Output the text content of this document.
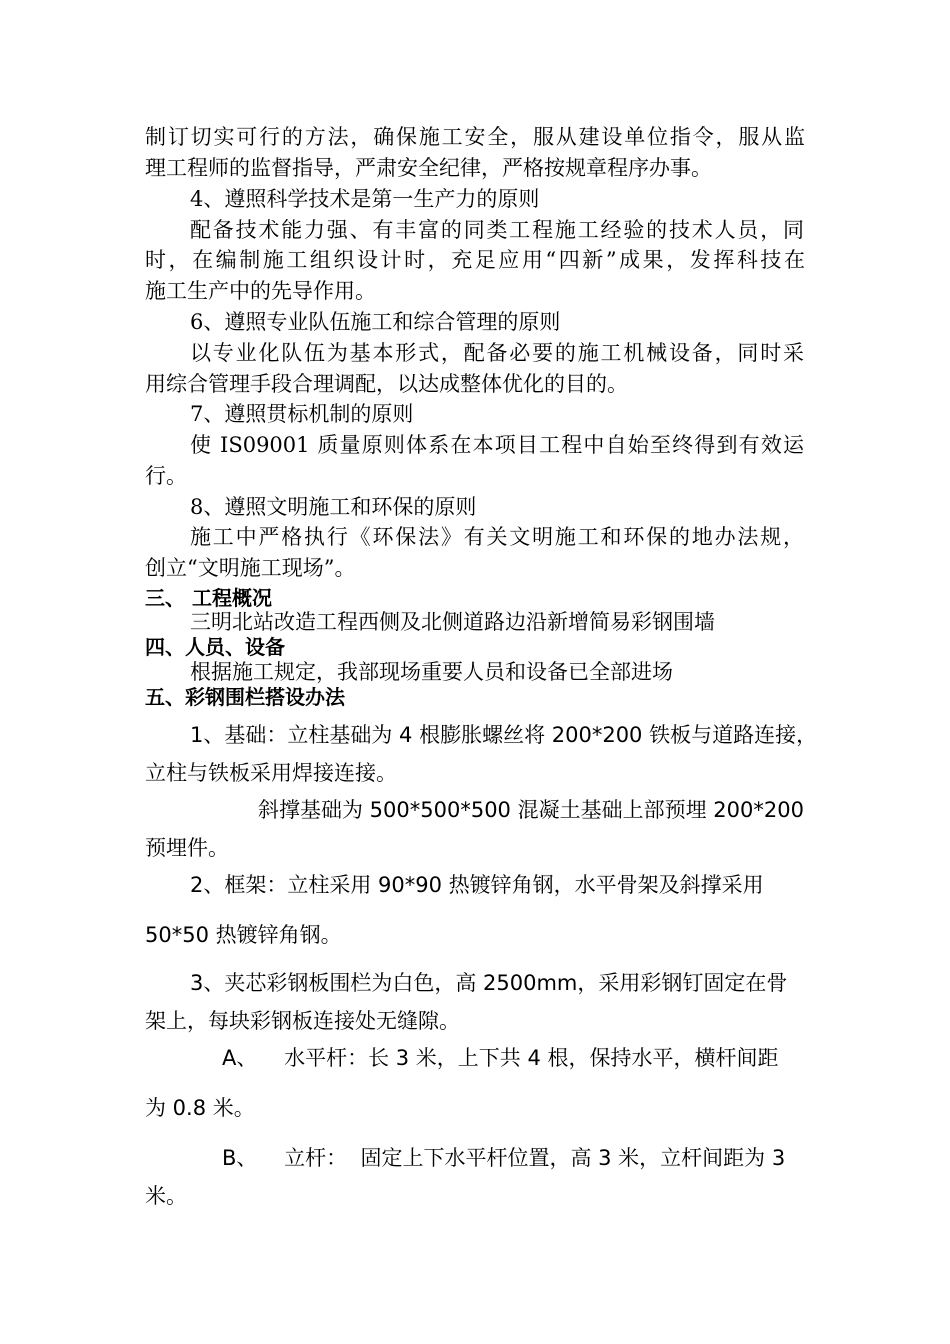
制订切实可行的方法，确保施工安全，服从建设单位指令，服从监
理工程师的监督指导，严肃安全纪律，严格按规章程序办事。
4、遵照科学技术是第一生产力的原则
配备技术能力强、有丰富的同类工程施工经验的技术人员，同
时，在编制施工组织设计时，充足应用“四新”成果，发挥科技在
施工生产中的先导作用。
6、遵照专业队伍施工和综合管理的原则
以专业化队伍为基本形式，配备必要的施工机械设备，同时采
用综合管理手段合理调配，以达成整体优化的目的。
7、遵照贯标机制的原则
使 IS09001 质量原则体系在本项目工程中自始至终得到有效运
行。
8、遵照文明施工和环保的原则
施工中严格执行《环保法》有关文明施工和环保的地办法规，
创立“文明施工现场”。
三、 工程概况
三明北站改造工程西侧及北侧道路边沿新增简易彩钢围墙
四、人员、设备
根据施工规定，我部现场重要人员和设备已全部进场
五、彩钢围栏搭设办法
1、基础：立柱基础为 4 根膨胀螺丝将 200*200 铁板与道路连接，
立柱与铁板采用焊接连接。
斜撑基础为 500*500*500 混凝土基础上部预埋 200*200
预埋件。
2、框架：立柱采用 90*90 热镀锌角钢，水平骨架及斜撑采用
50*50 热镀锌角钢。
3、夹芯彩钢板围栏为白色，高 2500mm，采用彩钢钉固定在骨
架上，每块彩钢板连接处无缝隙。
A、    水平杆：长 3 米，上下共 4 根，保持水平，横杆间距
为 0.8 米。
B、    立杆：  固定上下水平杆位置，高 3 米，立杆间距为 3
米。
